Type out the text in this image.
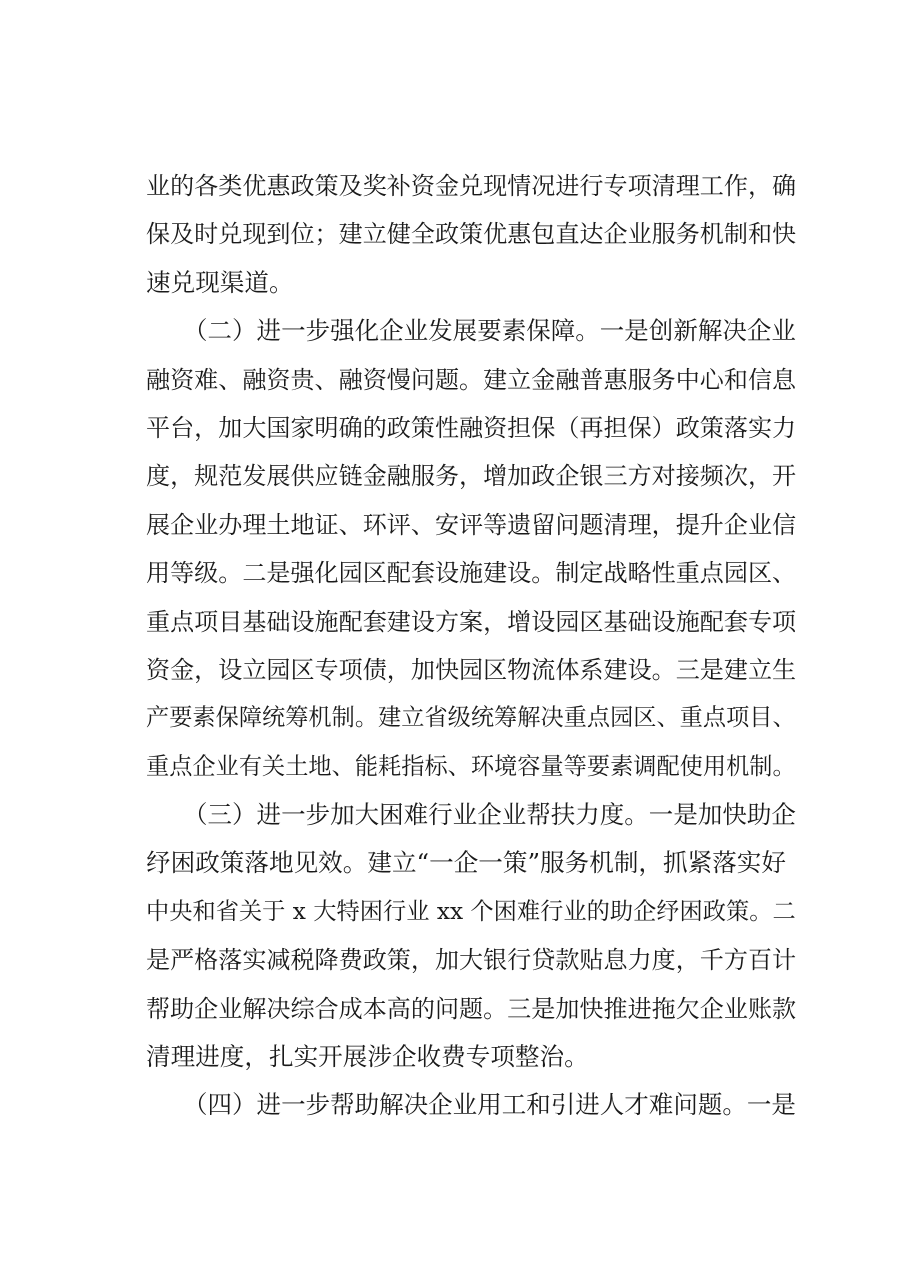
业的各类优惠政策及奖补资金兑现情况进行专项清理工作，确
保及时兑现到位；建立健全政策优惠包直达企业服务机制和快
速兑现渠道。
（二）进一步强化企业发展要素保障。一是创新解决企业
融资难、融资贵、融资慢问题。建立金融普惠服务中心和信息
平台，加大国家明确的政策性融资担保（再担保）政策落实力
度，规范发展供应链金融服务，增加政企银三方对接频次，开
展企业办理土地证、环评、安评等遗留问题清理，提升企业信
用等级。二是强化园区配套设施建设。制定战略性重点园区、
重点项目基础设施配套建设方案，增设园区基础设施配套专项
资金，设立园区专项债，加快园区物流体系建设。三是建立生
产要素保障统筹机制。建立省级统筹解决重点园区、重点项目、
重点企业有关土地、能耗指标、环境容量等要素调配使用机制。
（三）进一步加大困难行业企业帮扶力度。一是加快助企
纾困政策落地见效。建立“一企一策”服务机制，抓紧落实好
中央和省关于 x 大特困行业 xx 个困难行业的助企纾困政策。二
是严格落实减税降费政策，加大银行贷款贴息力度，千方百计
帮助企业解决综合成本高的问题。三是加快推进拖欠企业账款
清理进度，扎实开展涉企收费专项整治。
（四）进一步帮助解决企业用工和引进人才难问题。一是
